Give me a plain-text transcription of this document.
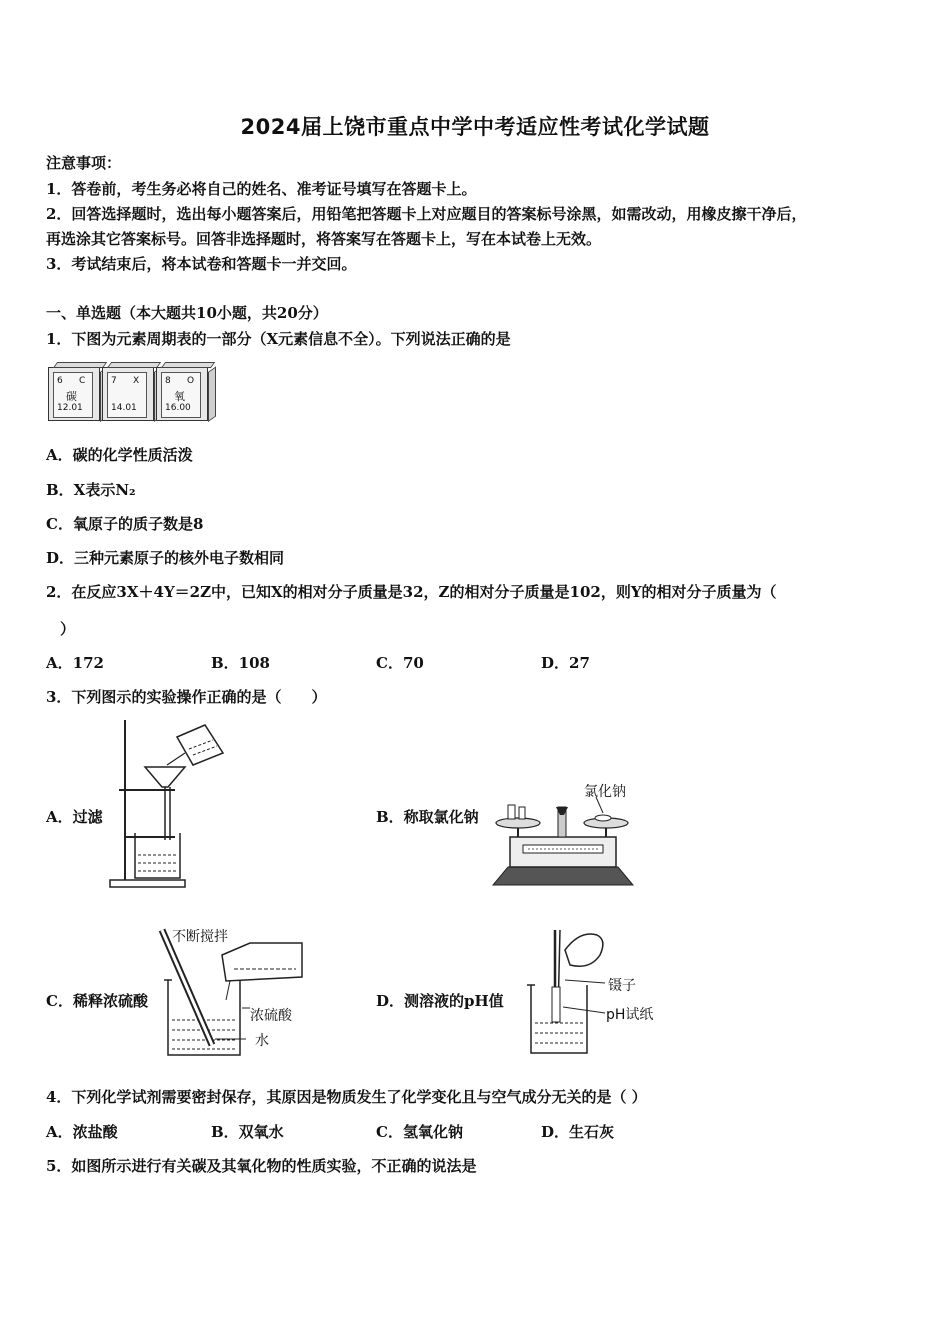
2024届上饶市重点中学中考适应性考试化学试题
注意事项：
1．答卷前，考生务必将自己的姓名、准考证号填写在答题卡上。
2．回答选择题时，选出每小题答案后，用铅笔把答题卡上对应题目的答案标号涂黑，如需改动，用橡皮擦干净后，
再选涂其它答案标号。回答非选择题时，将答案写在答题卡上，写在本试卷上无效。
3．考试结束后，将本试卷和答题卡一并交回。
一、单选题（本大题共10小题，共20分）
1．下图为元素周期表的一部分（X元素信息不全）。下列说法正确的是
6 C
碳
12.01
7 X
14.01
8 O
氧
16.00
A．碳的化学性质活泼
B．X表示N₂
C．氧原子的质子数是8
D．三种元素原子的核外电子数相同
2．在反应3X＋4Y＝2Z中，已知X的相对分子质量是32，Z的相对分子质量是102，则Y的相对分子质量为（
）
A．172	B．108	C．70	D．27
3．下列图示的实验操作正确的是（　　）
A．过滤	B．称取氯化钠
氯化钠
C．稀释浓硫酸
不断搅拌
浓硫酸
水
D．测溶液的pH值
镊子
pH试纸
4．下列化学试剂需要密封保存，其原因是物质发生了化学变化且与空气成分无关的是（ ）
A．浓盐酸	B．双氧水	C．氢氧化钠	D．生石灰
5．如图所示进行有关碳及其氧化物的性质实验，不正确的说法是
